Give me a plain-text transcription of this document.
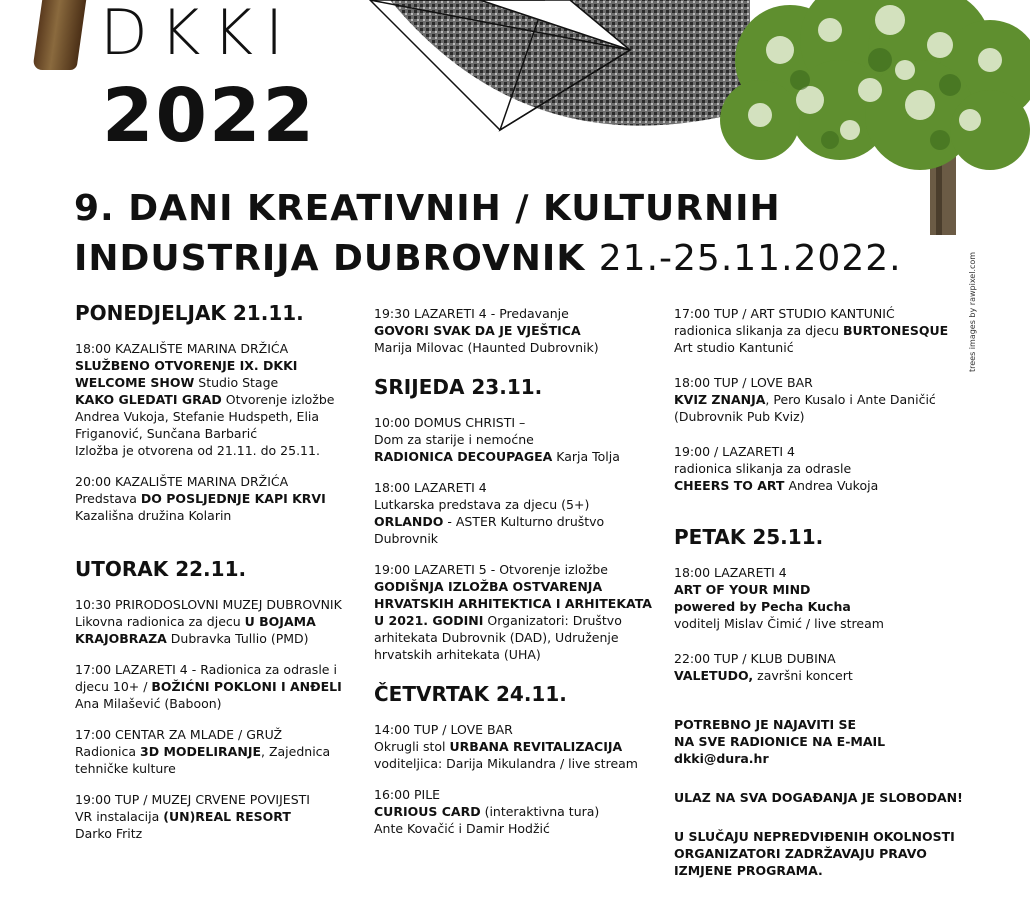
DKKI
2022
trees images by rawpixel.com
9. DANI KREATIVNIH / KULTURNIH
INDUSTRIJA DUBROVNIK 21.-25.11.2022.
PONEDJELJAK 21.11.
18:00 KAZALIŠTE MARINA DRŽIĆA
SLUŽBENO OTVORENJE IX. DKKI
WELCOME SHOW Studio Stage
KAKO GLEDATI GRAD Otvorenje izložbe
Andrea Vukoja, Stefanie Hudspeth, Elia
Friganović, Sunčana Barbarić
Izložba je otvorena od 21.11. do 25.11.
20:00 KAZALIŠTE MARINA DRŽIĆA
Predstava DO POSLJEDNJE KAPI KRVI
Kazališna družina Kolarin
UTORAK 22.11.
10:30 PRIRODOSLOVNI MUZEJ DUBROVNIK
Likovna radionica za djecu U BOJAMA
KRAJOBRAZA Dubravka Tullio (PMD)
17:00 LAZARETI 4 - Radionica za odrasle i
djecu 10+ / BOŽIĆNI POKLONI I ANĐELI
Ana Milašević (Baboon)
17:00 CENTAR ZA MLADE / GRUŽ
Radionica 3D MODELIRANJE, Zajednica
tehničke kulture
19:00 TUP / MUZEJ CRVENE POVIJESTI
VR instalacija (UN)REAL RESORT
Darko Fritz
19:30 LAZARETI 4 - Predavanje
GOVORI SVAK DA JE VJEŠTICA
Marija Milovac (Haunted Dubrovnik)
SRIJEDA 23.11.
10:00 DOMUS CHRISTI –
Dom za starije i nemoćne
RADIONICA DECOUPAGEA Karja Tolja
18:00 LAZARETI 4
Lutkarska predstava za djecu (5+)
ORLANDO - ASTER Kulturno društvo
Dubrovnik
19:00 LAZARETI 5 - Otvorenje izložbe
GODIŠNJA IZLOŽBA OSTVARENJA
HRVATSKIH ARHITEKTICA I ARHITEKATA
U 2021. GODINI Organizatori: Društvo
arhitekata Dubrovnik (DAD), Udruženje
hrvatskih arhitekata (UHA)
ČETVRTAK 24.11.
14:00 TUP / LOVE BAR
Okrugli stol URBANA REVITALIZACIJA
voditeljica: Darija Mikulandra / live stream
16:00 PILE
CURIOUS CARD (interaktivna tura)
Ante Kovačić i Damir Hodžić
17:00 TUP / ART STUDIO KANTUNIĆ
radionica slikanja za djecu BURTONESQUE
Art studio Kantunić
18:00 TUP / LOVE BAR
KVIZ ZNANJA, Pero Kusalo i Ante Daničić
(Dubrovnik Pub Kviz)
19:00 / LAZARETI 4
radionica slikanja za odrasle
CHEERS TO ART Andrea Vukoja
PETAK 25.11.
18:00 LAZARETI 4
ART OF YOUR MIND
powered by Pecha Kucha
voditelj Mislav Čimić / live stream
22:00 TUP / KLUB DUBINA
VALETUDO, završni koncert
POTREBNO JE NAJAVITI SE
NA SVE RADIONICE NA E-MAIL
dkki@dura.hr
ULAZ NA SVA DOGAĐANJA JE SLOBODAN!
U SLUČAJU NEPREDVIĐENIH OKOLNOSTI
ORGANIZATORI ZADRŽAVAJU PRAVO
IZMJENE PROGRAMA.
